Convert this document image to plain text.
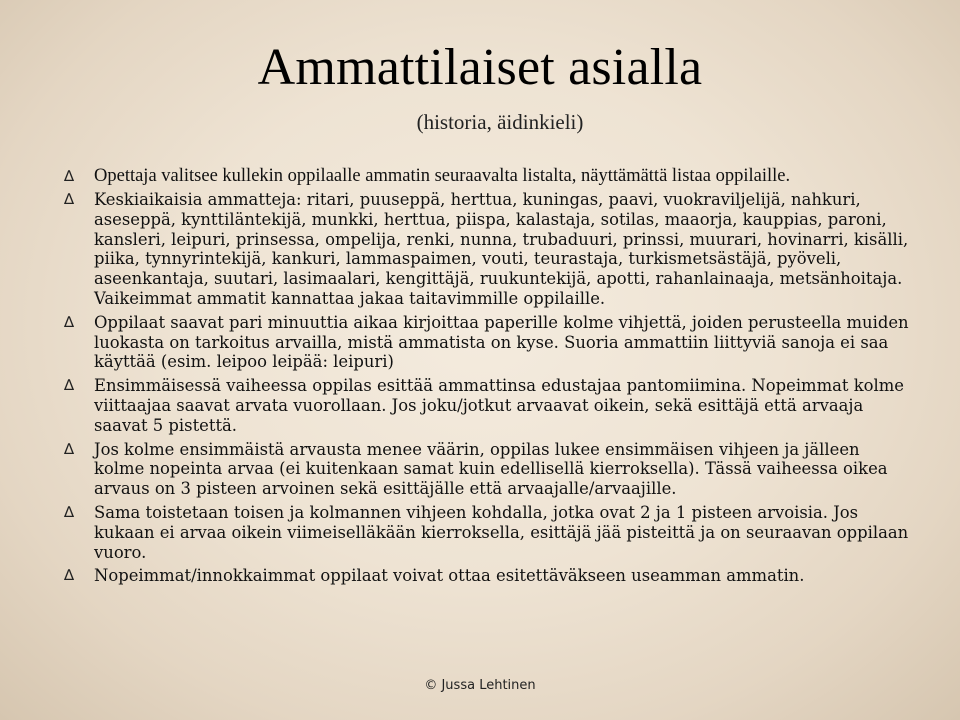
Ammattilaiset asialla
(historia, äidinkieli)
∆ Opettaja valitsee kullekin oppilaalle ammatin seuraavalta listalta, näyttämättä listaa oppilaille.
∆ Keskiaikaisia ammatteja: ritari, puuseppä, herttua, kuningas, paavi, vuokraviljelijä, nahkuri, aseseppä, kynttiläntekijä, munkki, herttua, piispa, kalastaja, sotilas, maaorja, kauppias, paroni, kansleri, leipuri, prinsessa, ompelija, renki, nunna, trubaduuri, prinssi, muurari, hovinarri, kisälli, piika, tynnyrintekijä, kankuri, lammaspaimen, vouti, teurastaja, turkismetsästäjä, pyöveli, aseenkantaja, suutari, lasimaalari, kengittäjä, ruukuntekijä, apotti, rahanlainaaja, metsänhoitaja. Vaikeimmat ammatit kannattaa jakaa taitavimmille oppilaille.
∆ Oppilaat saavat pari minuuttia aikaa kirjoittaa paperille kolme vihjettä, joiden perusteella muiden luokasta on tarkoitus arvailla, mistä ammatista on kyse. Suoria ammattiin liittyviä sanoja ei saa käyttää (esim. leipoo leipää: leipuri)
∆ Ensimmäisessä vaiheessa oppilas esittää ammattinsa edustajaa pantomiimina. Nopeimmat kolme viittaajaa saavat arvata vuorollaan. Jos joku/jotkut arvaavat oikein, sekä esittäjä että arvaaja saavat 5 pistettä.
∆ Jos kolme ensimmäistä arvausta menee väärin, oppilas lukee ensimmäisen vihjeen ja jälleen kolme nopeinta arvaa (ei kuitenkaan samat kuin edellisellä kierroksella). Tässä vaiheessa oikea arvaus on 3 pisteen arvoinen sekä esittäjälle että arvaajalle/arvaajille.
∆ Sama toistetaan toisen ja kolmannen vihjeen kohdalla, jotka ovat 2 ja 1 pisteen arvoisia. Jos kukaan ei arvaa oikein viimeiselläkään kierroksella, esittäjä jää pisteittä ja on seuraavan oppilaan vuoro.
∆ Nopeimmat/innokkaimmat oppilaat voivat ottaa esitettäväkseen useamman ammatin.
© Jussa Lehtinen
